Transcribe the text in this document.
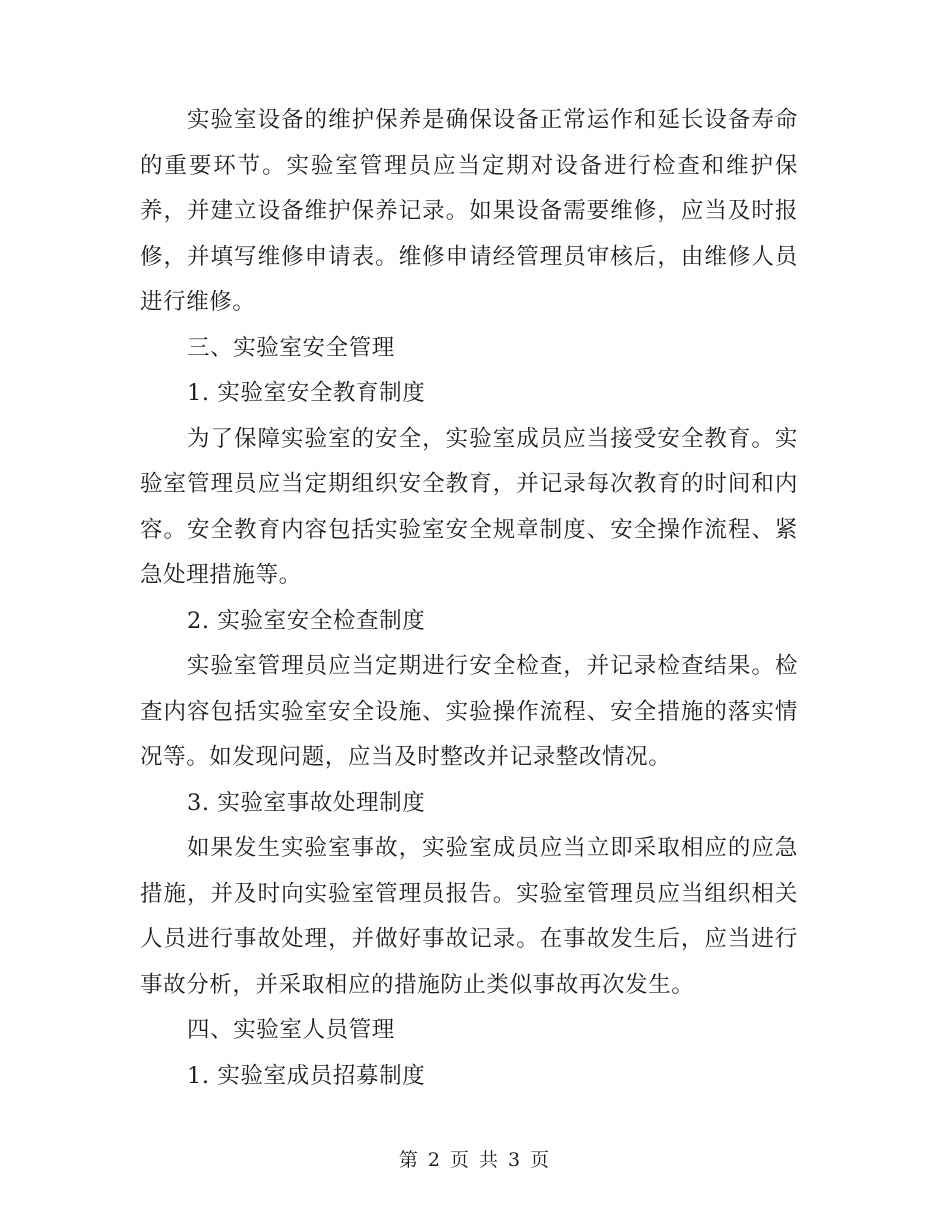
实验室设备的维护保养是确保设备正常运作和延长设备寿命的重要环节。实验室管理员应当定期对设备进行检查和维护保养，并建立设备维护保养记录。如果设备需要维修，应当及时报修，并填写维修申请表。维修申请经管理员审核后，由维修人员进行维修。

三、实验室安全管理

1. 实验室安全教育制度

为了保障实验室的安全，实验室成员应当接受安全教育。实验室管理员应当定期组织安全教育，并记录每次教育的时间和内容。安全教育内容包括实验室安全规章制度、安全操作流程、紧急处理措施等。

2. 实验室安全检查制度

实验室管理员应当定期进行安全检查，并记录检查结果。检查内容包括实验室安全设施、实验操作流程、安全措施的落实情况等。如发现问题，应当及时整改并记录整改情况。

3. 实验室事故处理制度

如果发生实验室事故，实验室成员应当立即采取相应的应急措施，并及时向实验室管理员报告。实验室管理员应当组织相关人员进行事故处理，并做好事故记录。在事故发生后，应当进行事故分析，并采取相应的措施防止类似事故再次发生。

四、实验室人员管理

1. 实验室成员招募制度

第 2 页 共 3 页
